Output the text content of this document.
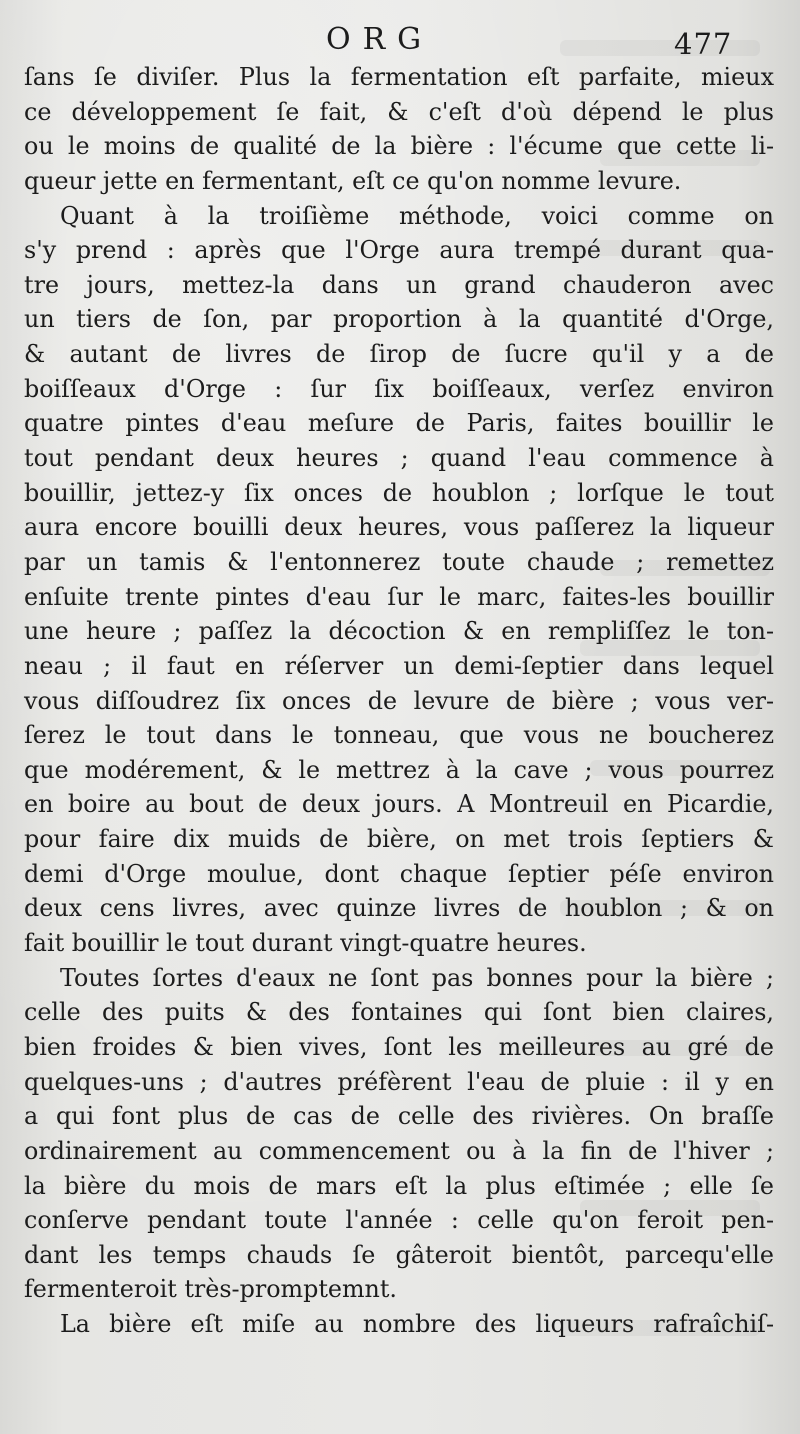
ORG	477
ſans ſe diviſer. Plus la fermentation eſt parfaite, mieux
ce développement ſe fait, & c'eſt d'où dépend le plus
ou le moins de qualité de la bière : l'écume que cette li-
queur jette en fermentant, eſt ce qu'on nomme levure.
Quant à la troiſième méthode, voici comme on
s'y prend : après que l'Orge aura trempé durant qua-
tre jours, mettez-la dans un grand chauderon avec
un tiers de ſon, par proportion à la quantité d'Orge,
& autant de livres de ſirop de ſucre qu'il y a de
boiſſeaux d'Orge : ſur ſix boiſſeaux, verſez environ
quatre pintes d'eau meſure de Paris, faites bouillir le
tout pendant deux heures ; quand l'eau commence à
bouillir, jettez-y ſix onces de houblon ; lorſque le tout
aura encore bouilli deux heures, vous paſſerez la liqueur
par un tamis & l'entonnerez toute chaude ; remettez
enſuite trente pintes d'eau ſur le marc, faites-les bouillir
une heure ; paſſez la décoction & en rempliſſez le ton-
neau ; il faut en réſerver un demi-ſeptier dans lequel
vous diſſoudrez ſix onces de levure de bière ; vous ver-
ſerez le tout dans le tonneau, que vous ne boucherez
que modérement, & le mettrez à la cave ; vous pourrez
en boire au bout de deux jours. A Montreuil en Picardie,
pour faire dix muids de bière, on met trois ſeptiers &
demi d'Orge moulue, dont chaque ſeptier péſe environ
deux cens livres, avec quinze livres de houblon ; & on
fait bouillir le tout durant vingt-quatre heures.
Toutes ſortes d'eaux ne ſont pas bonnes pour la bière ;
celle des puits & des fontaines qui ſont bien claires,
bien froides & bien vives, ſont les meilleures au gré de
quelques-uns ; d'autres préfèrent l'eau de pluie : il y en
a qui font plus de cas de celle des rivières. On braſſe
ordinairement au commencement ou à la fin de l'hiver ;
la bière du mois de mars eſt la plus eſtimée ; elle ſe
conſerve pendant toute l'année : celle qu'on feroit pen-
dant les temps chauds ſe gâteroit bientôt, parcequ'elle
fermenteroit très-promptemnt.
La bière eſt miſe au nombre des liqueurs rafraîchiſ-
